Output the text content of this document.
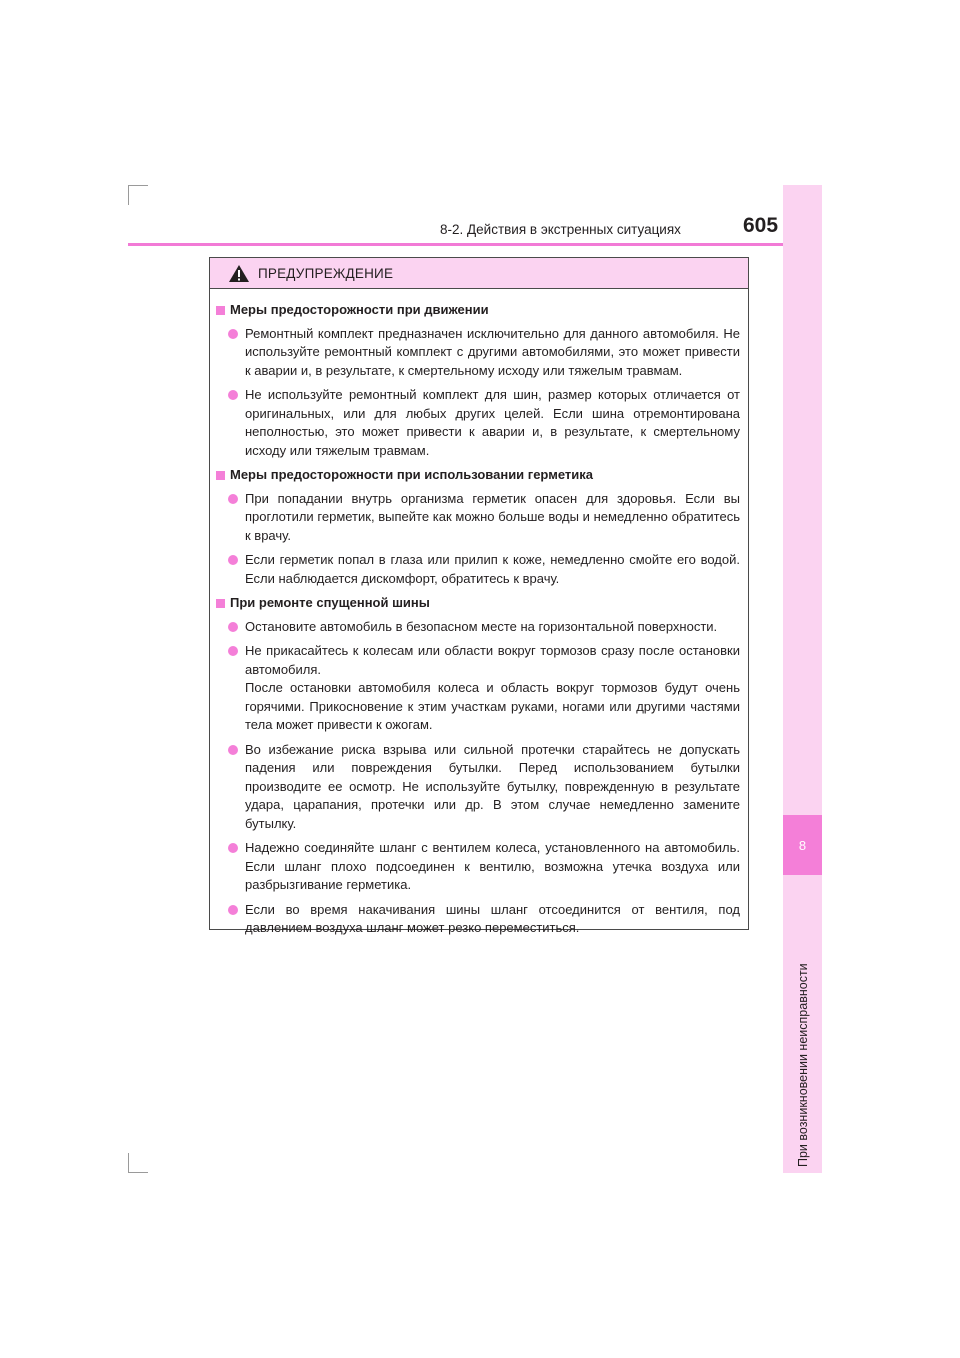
8-2. Действия в экстренных ситуациях	605
8
При возникновении неисправности
ПРЕДУПРЕЖДЕНИЕ
Меры предосторожности при движении

Ремонтный комплект предназначен исключительно для данного автомобиля. Не используйте ремонтный комплект с другими автомобилями, это может привести к аварии и, в результате, к смертельному исходу или тяжелым травмам.

Не используйте ремонтный комплект для шин, размер которых отличается от оригинальных, или для любых других целей. Если шина отремонтирована неполностью, это может привести к аварии и, в результате, к смертельному исходу или тяжелым травмам.

Меры предосторожности при использовании герметика

При попадании внутрь организма герметик опасен для здоровья. Если вы проглотили герметик, выпейте как можно больше воды и немедленно обратитесь к врачу.

Если герметик попал в глаза или прилип к коже, немедленно смойте его водой. Если наблюдается дискомфорт, обратитесь к врачу.

При ремонте спущенной шины

Остановите автомобиль в безопасном месте на горизонтальной поверхности.

Не прикасайтесь к колесам или области вокруг тормозов сразу после остановки автомобиля.

После остановки автомобиля колеса и область вокруг тормозов будут очень горячими. Прикосновение к этим участкам руками, ногами или другими частями тела может привести к ожогам.

Во избежание риска взрыва или сильной протечки старайтесь не допускать падения или повреждения бутылки. Перед использованием бутылки производите ее осмотр. Не используйте бутылку, поврежденную в результате удара, царапания, протечки или др. В этом случае немедленно замените бутылку.

Надежно соединяйте шланг с вентилем колеса, установленного на автомобиль. Если шланг плохо подсоединен к вентилю, возможна утечка воздуха или разбрызгивание герметика.

Если во время накачивания шины шланг отсоединится от вентиля, под давлением воздуха шланг может резко переместиться.
